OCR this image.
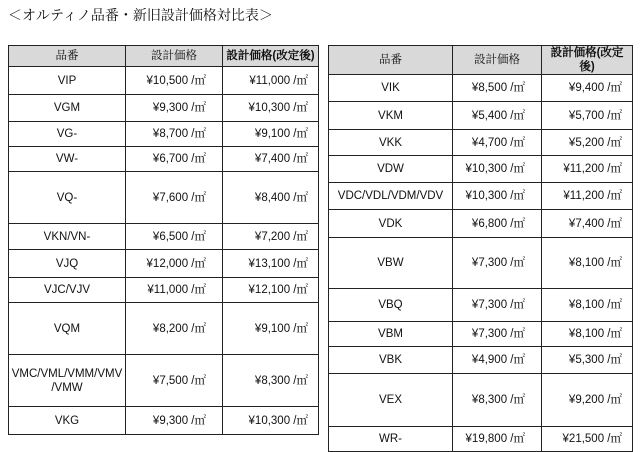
＜オルティノ品番・新旧設計価格対比表＞
品番	設計価格	設計価格(改定後)
VIP	¥10,500 /㎡	¥11,000 /㎡
VGM	¥9,300 /㎡	¥10,300 /㎡
VG-	¥8,700 /㎡	¥9,100 /㎡
VW-	¥6,700 /㎡	¥7,400 /㎡
VQ-	¥7,600 /㎡	¥8,400 /㎡
VKN/VN-	¥6,500 /㎡	¥7,200 /㎡
VJQ	¥12,000 /㎡	¥13,100 /㎡
VJC/VJV	¥11,000 /㎡	¥12,100 /㎡
VQM	¥8,200 /㎡	¥9,100 /㎡
VMC/VML/VMM/VMV /VMW	¥7,500 /㎡	¥8,300 /㎡
VKG	¥9,300 /㎡	¥10,300 /㎡
品番	設計価格	設計価格(改定後)
VIK	¥8,500 /㎡	¥9,400 /㎡
VKM	¥5,400 /㎡	¥5,700 /㎡
VKK	¥4,700 /㎡	¥5,200 /㎡
VDW	¥10,300 /㎡	¥11,200 /㎡
VDC/VDL/VDM/VDV	¥10,300 /㎡	¥11,200 /㎡
VDK	¥6,800 /㎡	¥7,400 /㎡
VBW	¥7,300 /㎡	¥8,100 /㎡
VBQ	¥7,300 /㎡	¥8,100 /㎡
VBM	¥7,300 /㎡	¥8,100 /㎡
VBK	¥4,900 /㎡	¥5,300 /㎡
VEX	¥8,300 /㎡	¥9,200 /㎡
WR-	¥19,800 /㎡	¥21,500 /㎡
